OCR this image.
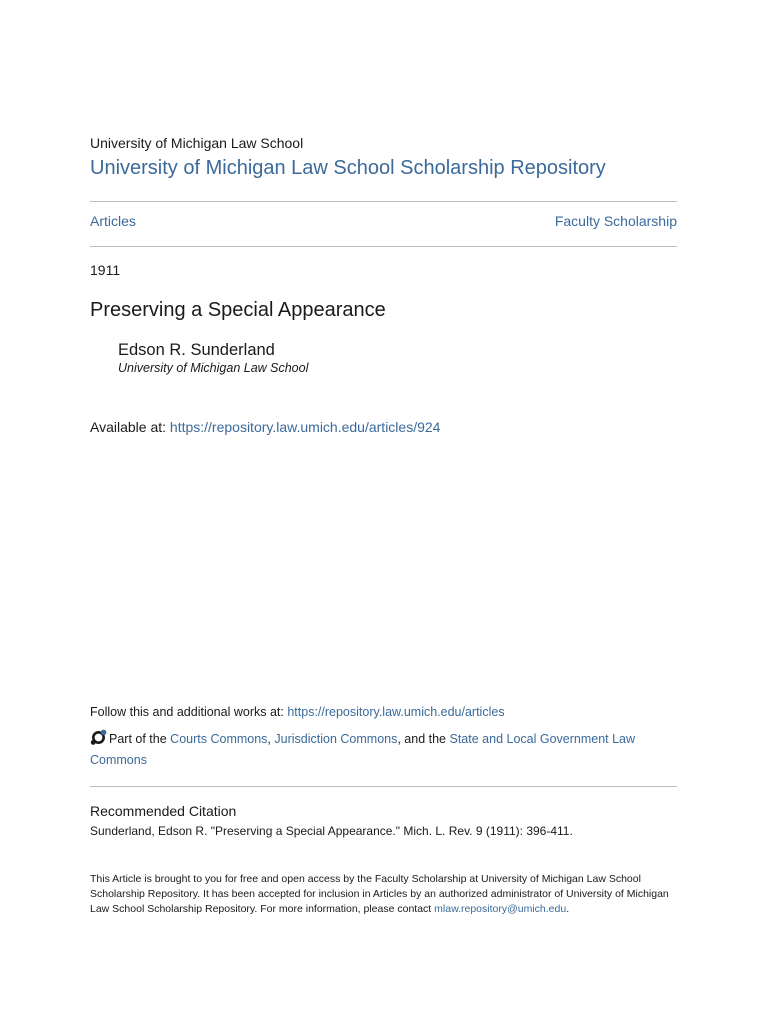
University of Michigan Law School
University of Michigan Law School Scholarship Repository
Articles	Faculty Scholarship
1911
Preserving a Special Appearance
Edson R. Sunderland
University of Michigan Law School
Available at: https://repository.law.umich.edu/articles/924
Follow this and additional works at: https://repository.law.umich.edu/articles
Part of the Courts Commons, Jurisdiction Commons, and the State and Local Government Law Commons
Recommended Citation
Sunderland, Edson R. "Preserving a Special Appearance." Mich. L. Rev. 9 (1911): 396-411.
This Article is brought to you for free and open access by the Faculty Scholarship at University of Michigan Law School Scholarship Repository. It has been accepted for inclusion in Articles by an authorized administrator of University of Michigan Law School Scholarship Repository. For more information, please contact mlaw.repository@umich.edu.
